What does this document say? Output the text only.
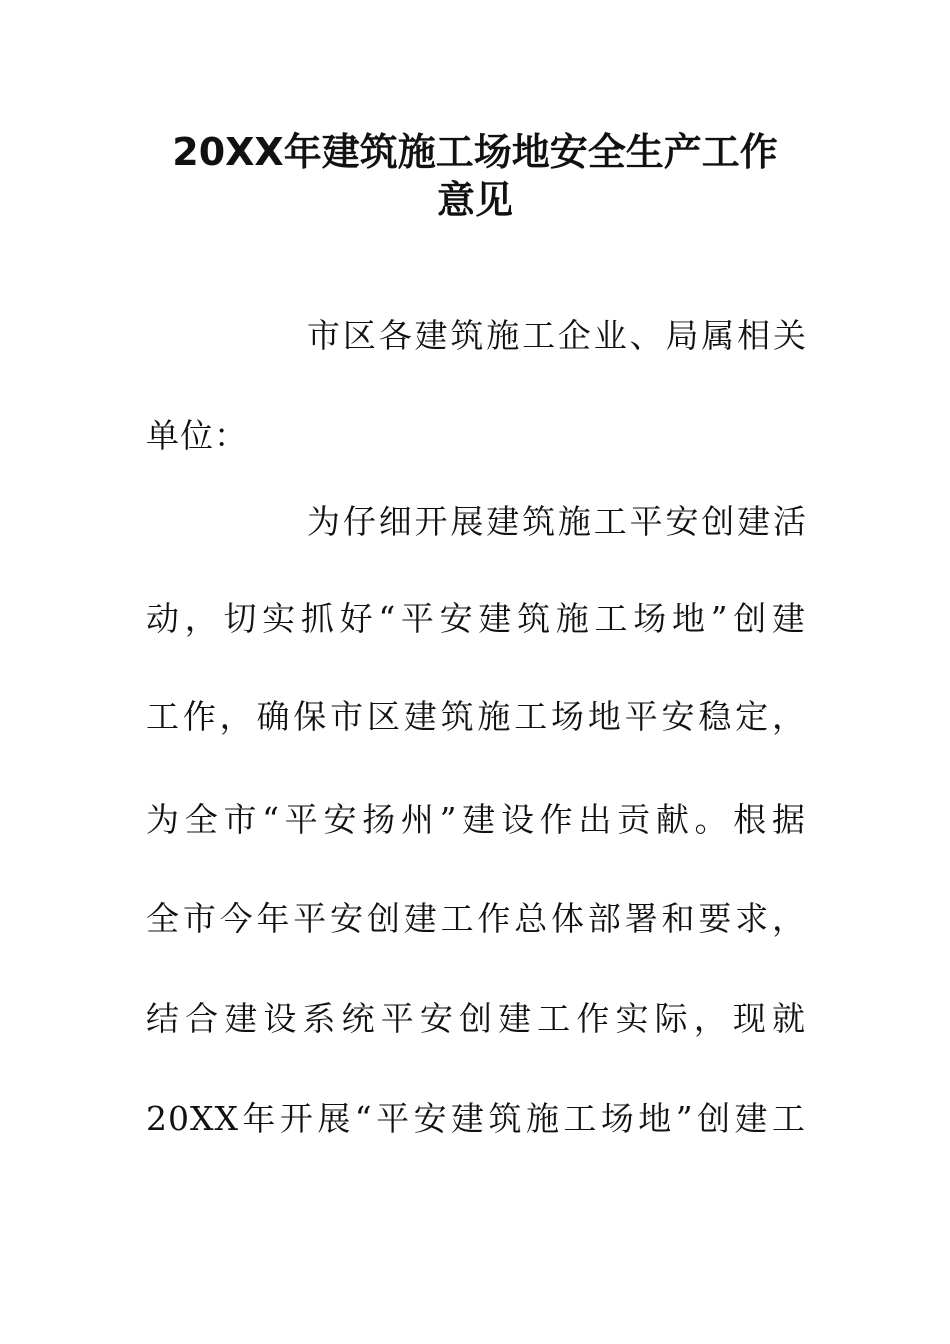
20XX年建筑施工场地安全生产工作
意见
市区各建筑施工企业、局属相关
单位：
为仔细开展建筑施工平安创建活
动，切实抓好“平安建筑施工场地”创建
工作，确保市区建筑施工场地平安稳定，
为全市“平安扬州”建设作出贡献。根据
全市今年平安创建工作总体部署和要求，
结合建设系统平安创建工作实际，现就
20XX年开展“平安建筑施工场地”创建工
